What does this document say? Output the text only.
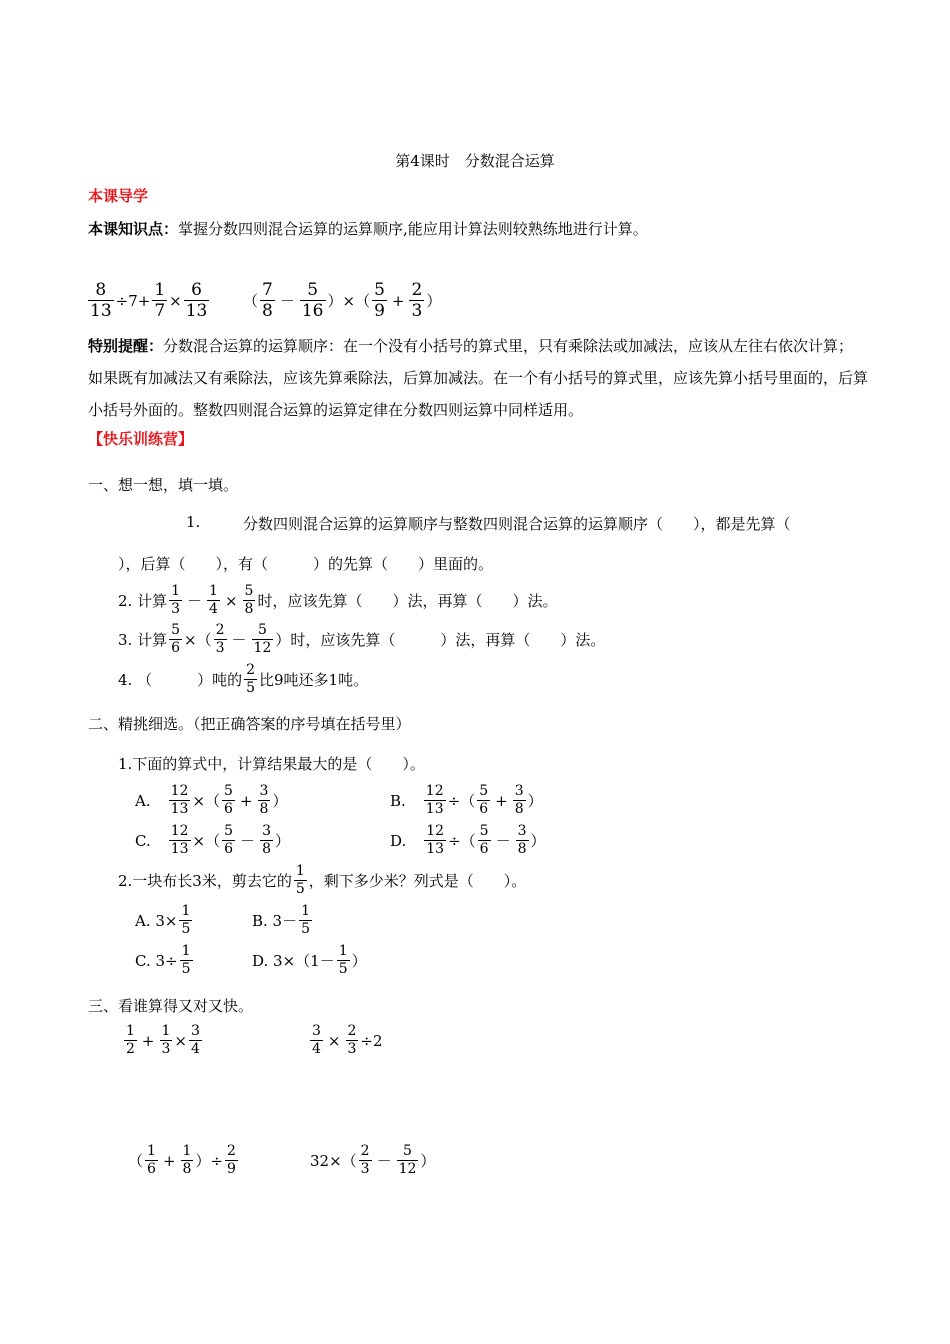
第4课时　分数混合运算
本课导学
本课知识点：掌握分数四则混合运算的运算顺序,能应用计算法则较熟练地进行计算。
$\frac{8}{13} \div 7+ \frac{1}{7} \times \frac{6}{13}$ （ $\frac{7}{8} - \frac{5}{16}$ ）×（ $\frac{5}{9} + \frac{2}{3}$ ）
特别提醒：分数混合运算的运算顺序：在一个没有小括号的算式里，只有乘除法或加减法，应该从左往右依次计算；如果既有加减法又有乘除法，应该先算乘除法，后算加减法。在一个有小括号的算式里，应该先算小括号里面的，后算小括号外面的。整数四则混合运算的运算定律在分数四则运算中同样适用。
【快乐训练营】
一、想一想，填一填。
1.	分数四则混合运算的运算顺序与整数四则混合运算的运算顺序（　　），都是先算（
），后算（　　），有（　　　）的先算（　　）里面的。
2. 计算 $\frac{1}{3} - \frac{1}{4} \times \frac{5}{8}$ 时，应该先算（　　）法，再算（　　）法。
3. 计算 $\frac{5}{6}$ ×（ $\frac{2}{3} - \frac{5}{12}$ ）时，应该先算（　　　）法，再算（　　）法。
4. （　　　）吨的 $\frac{2}{5}$ 比9吨还多1吨。
二、精挑细选。（把正确答案的序号填在括号里）
1.下面的算式中，计算结果最大的是（　　）。
A. $\frac{12}{13}$ ×（ $\frac{5}{6} + \frac{3}{8}$ ）	B. $\frac{12}{13}$ ÷（ $\frac{5}{6} + \frac{3}{8}$ ）
C. $\frac{12}{13}$ ×（ $\frac{5}{6} - \frac{3}{8}$ ）	D. $\frac{12}{13}$ ÷（ $\frac{5}{6} - \frac{3}{8}$ ）
2.一块布长3米，剪去它的 $\frac{1}{5}$ ，剩下多少米？列式是（　　）。
A. $3\times \frac{1}{5}$	B. $3- \frac{1}{5}$
C. $3\div \frac{1}{5}$	D. $3\times(1- \frac{1}{5}$ ）
三、看谁算得又对又快。
$\frac{1}{2} + \frac{1}{3} \times \frac{3}{4}$	$\frac{3}{4} \times \frac{2}{3} \div 2$
（ $\frac{1}{6} + \frac{1}{8}$ ）÷ $\frac{2}{9}$	$32\times( \frac{2}{3} - \frac{5}{12}$ ）
